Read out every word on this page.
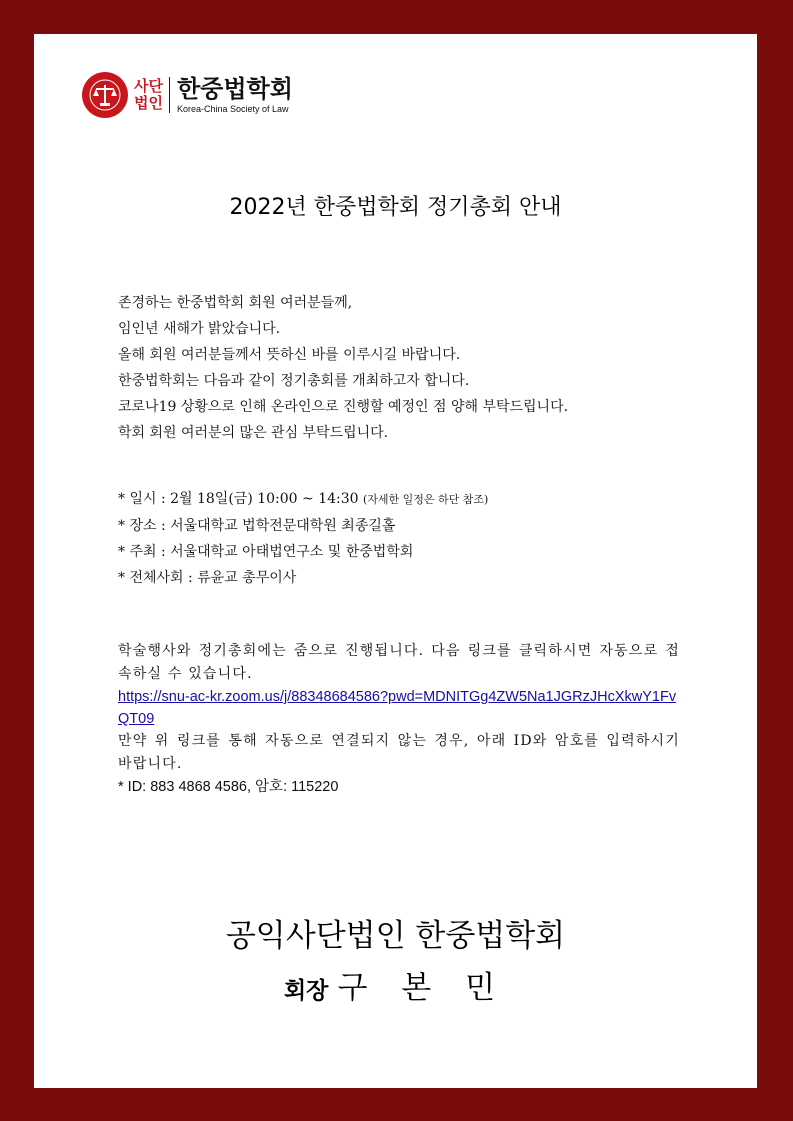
사단
법인 한중법학회
Korea-China Society of Law
2022년 한중법학회 정기총회 안내
존경하는 한중법학회 회원 여러분들께,
임인년 새해가 밝았습니다.
올해 회원 여러분들께서 뜻하신 바를 이루시길 바랍니다.
한중법학회는 다음과 같이 정기총회를 개최하고자 합니다.
코로나19 상황으로 인해 온라인으로 진행할 예정인 점 양해 부탁드립니다.
학회 회원 여러분의 많은 관심 부탁드립니다.
* 일시 : 2월 18일(금) 10:00 ~ 14:30 (자세한 일정은 하단 참조)
* 장소 : 서울대학교 법학전문대학원 최종길홀
* 주최 : 서울대학교 아태법연구소 및 한중법학회
* 전체사회 : 류윤교 총무이사
학술행사와 정기총회에는 줌으로 진행됩니다. 다음 링크를 클릭하시면 자동으로 접속하실 수 있습니다.
https://snu-ac-kr.zoom.us/j/88348684586?pwd=MDNITGg4ZW5Na1JGRzJHcXkwY1FvQT09
만약 위 링크를 통해 자동으로 연결되지 않는 경우, 아래 ID와 암호를 입력하시기 바랍니다.
* ID: 883 4868 4586, 암호: 115220
공익사단법인 한중법학회
회장 구 본 민
